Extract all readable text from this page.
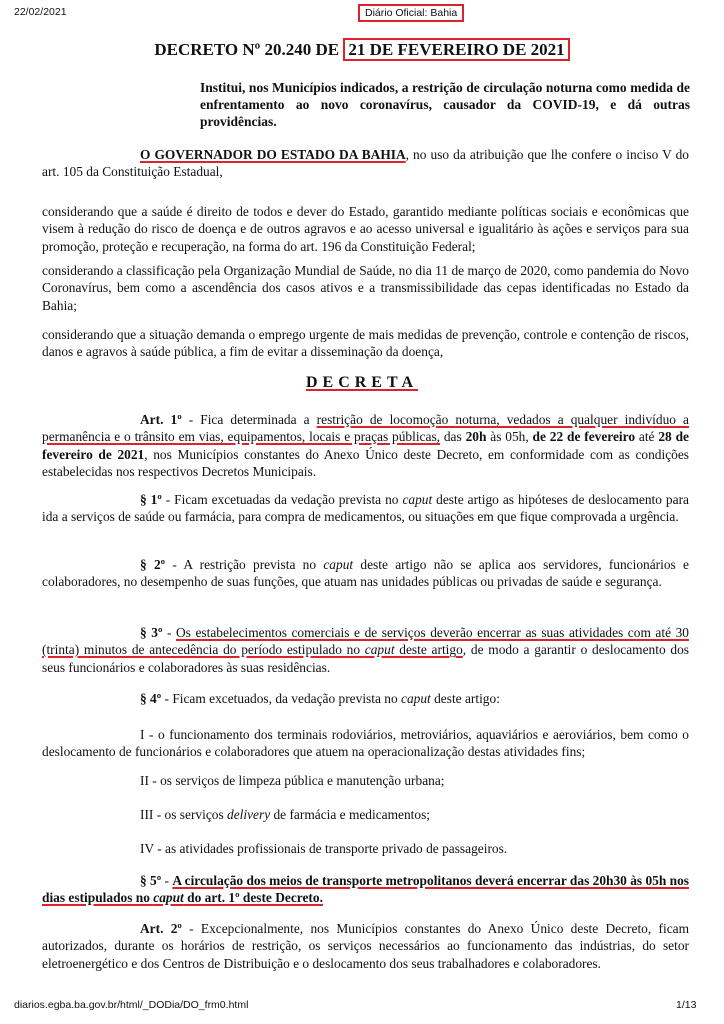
22/02/2021	Diário Oficial: Bahia
DECRETO Nº 20.240 DE 21 DE FEVEREIRO DE 2021
Institui, nos Municípios indicados, a restrição de circulação noturna como medida de enfrentamento ao novo coronavírus, causador da COVID-19, e dá outras providências.
O GOVERNADOR DO ESTADO DA BAHIA, no uso da atribuição que lhe confere o inciso V do art. 105 da Constituição Estadual,
considerando que a saúde é direito de todos e dever do Estado, garantido mediante políticas sociais e econômicas que visem à redução do risco de doença e de outros agravos e ao acesso universal e igualitário às ações e serviços para sua promoção, proteção e recuperação, na forma do art. 196 da Constituição Federal;
considerando a classificação pela Organização Mundial de Saúde, no dia 11 de março de 2020, como pandemia do Novo Coronavírus, bem como a ascendência dos casos ativos e a transmissibilidade das cepas identificadas no Estado da Bahia;
considerando que a situação demanda o emprego urgente de mais medidas de prevenção, controle e contenção de riscos, danos e agravos à saúde pública, a fim de evitar a disseminação da doença,
DECRETA
Art. 1º - Fica determinada a restrição de locomoção noturna, vedados a qualquer indivíduo a permanência e o trânsito em vias, equipamentos, locais e praças públicas, das 20h às 05h, de 22 de fevereiro até 28 de fevereiro de 2021, nos Municípios constantes do Anexo Único deste Decreto, em conformidade com as condições estabelecidas nos respectivos Decretos Municipais.
§ 1º - Ficam excetuadas da vedação prevista no caput deste artigo as hipóteses de deslocamento para ida a serviços de saúde ou farmácia, para compra de medicamentos, ou situações em que fique comprovada a urgência.
§ 2º - A restrição prevista no caput deste artigo não se aplica aos servidores, funcionários e colaboradores, no desempenho de suas funções, que atuam nas unidades públicas ou privadas de saúde e segurança.
§ 3º - Os estabelecimentos comerciais e de serviços deverão encerrar as suas atividades com até 30 (trinta) minutos de antecedência do período estipulado no caput deste artigo, de modo a garantir o deslocamento dos seus funcionários e colaboradores às suas residências.
§ 4º - Ficam excetuados, da vedação prevista no caput deste artigo:
I - o funcionamento dos terminais rodoviários, metroviários, aquaviários e aeroviários, bem como o deslocamento de funcionários e colaboradores que atuem na operacionalização destas atividades fins;
II - os serviços de limpeza pública e manutenção urbana;
III - os serviços delivery de farmácia e medicamentos;
IV - as atividades profissionais de transporte privado de passageiros.
§ 5º - A circulação dos meios de transporte metropolitanos deverá encerrar das 20h30 às 05h nos dias estipulados no caput do art. 1º deste Decreto.
Art. 2º - Excepcionalmente, nos Municípios constantes do Anexo Único deste Decreto, ficam autorizados, durante os horários de restrição, os serviços necessários ao funcionamento das indústrias, do setor eletroenergético e dos Centros de Distribuição e o deslocamento dos seus trabalhadores e colaboradores.
diarios.egba.ba.gov.br/html/_DODia/DO_frm0.html	1/13
